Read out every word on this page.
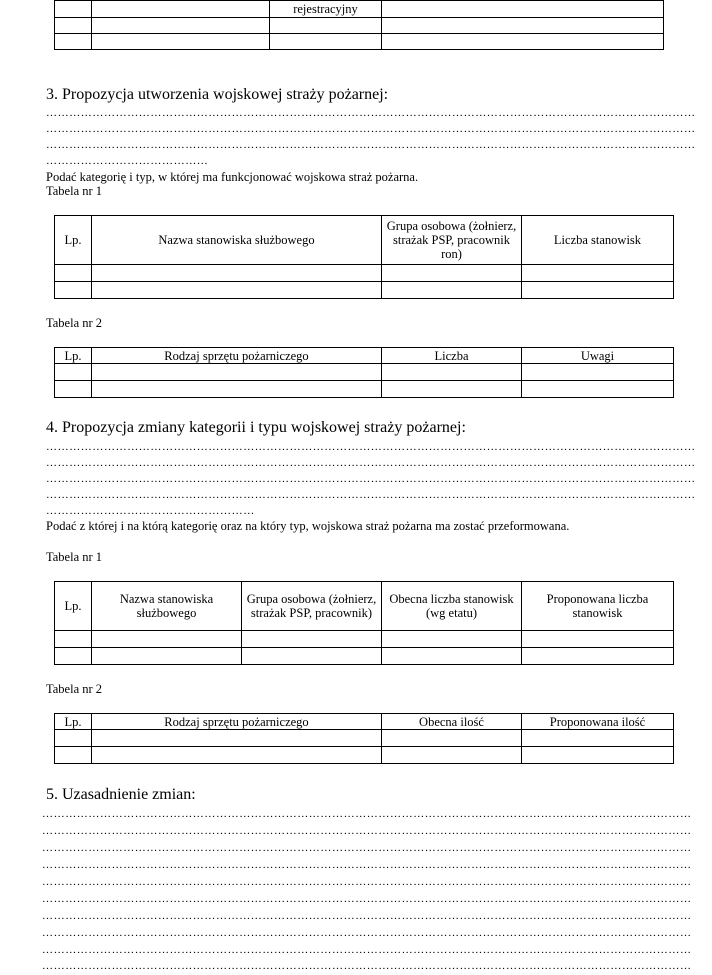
		rejestracyjny	

3. Propozycja utworzenia wojskowej straży pożarnej:
……………………………………………………………………………………………………………………………………………………
……………………………………………………………………………………………………………………………………………………
……………………………………………………………………………………………………………………………………………………
……………………………………
Podać kategorię i typ, w której ma funkcjonować wojskowa straż pożarna.
Tabela nr 1
Lp.	Nazwa stanowiska służbowego	Grupa osobowa (żołnierz, strażak PSP, pracownik ron)	Liczba stanowisk

Tabela nr 2
Lp.	Rodzaj sprzętu pożarniczego	Liczba	Uwagi

4. Propozycja zmiany kategorii i typu wojskowej straży pożarnej:
……………………………………………………………………………………………………………………………………………………
……………………………………………………………………………………………………………………………………………………
……………………………………………………………………………………………………………………………………………………
……………………………………………………………………………………………………………………………………………………
………………………………………………
Podać z której i na którą kategorię oraz na który typ, wojskowa straż pożarna ma zostać przeformowana.
Tabela nr 1
Lp.	Nazwa stanowiska służbowego	Grupa osobowa (żołnierz, strażak PSP, pracownik)	Obecna liczba stanowisk (wg etatu)	Proponowana liczba stanowisk

Tabela nr 2
Lp.	Rodzaj sprzętu pożarniczego	Obecna ilość	Proponowana ilość

5. Uzasadnienie zmian:
……………………………………………………………………………………………………………………………………………………
……………………………………………………………………………………………………………………………………………………
……………………………………………………………………………………………………………………………………………………
……………………………………………………………………………………………………………………………………………………
……………………………………………………………………………………………………………………………………………………
……………………………………………………………………………………………………………………………………………………
……………………………………………………………………………………………………………………………………………………
……………………………………………………………………………………………………………………………………………………
……………………………………………………………………………………………………………………………………………………
……………………………………………………………………………………………………………………………………………………
